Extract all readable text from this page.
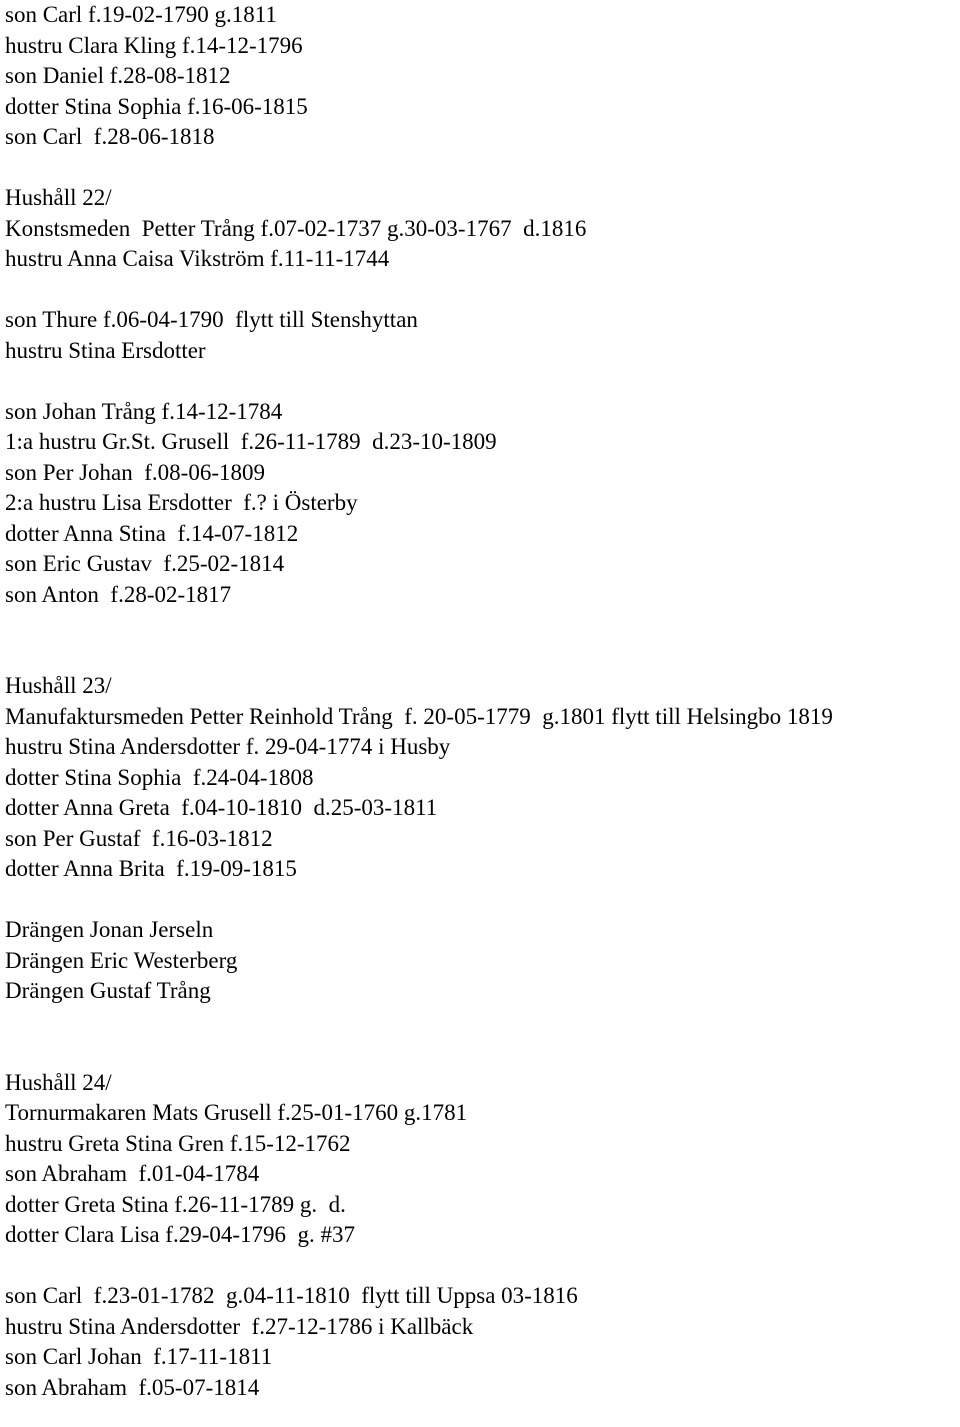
son Carl f.19-02-1790 g.1811
hustru Clara Kling f.14-12-1796
son Daniel f.28-08-1812
dotter Stina Sophia f.16-06-1815
son Carl  f.28-06-1818
Hushåll 22/
Konstsmeden  Petter Trång f.07-02-1737 g.30-03-1767  d.1816
hustru Anna Caisa Vikström f.11-11-1744
son Thure f.06-04-1790  flytt till Stenshyttan
hustru Stina Ersdotter
son Johan Trång f.14-12-1784
1:a hustru Gr.St. Grusell  f.26-11-1789  d.23-10-1809
son Per Johan  f.08-06-1809
2:a hustru Lisa Ersdotter  f.? i Österby
dotter Anna Stina  f.14-07-1812
son Eric Gustav  f.25-02-1814
son Anton  f.28-02-1817
Hushåll 23/
Manufaktursmeden Petter Reinhold Trång  f. 20-05-1779  g.1801 flytt till Helsingbo 1819
hustru Stina Andersdotter f. 29-04-1774 i Husby
dotter Stina Sophia  f.24-04-1808
dotter Anna Greta  f.04-10-1810  d.25-03-1811
son Per Gustaf  f.16-03-1812
dotter Anna Brita  f.19-09-1815
Drängen Jonan Jerseln
Drängen Eric Westerberg
Drängen Gustaf Trång
Hushåll 24/
Tornurmakaren Mats Grusell f.25-01-1760 g.1781
hustru Greta Stina Gren f.15-12-1762
son Abraham  f.01-04-1784
dotter Greta Stina f.26-11-1789 g.  d.
dotter Clara Lisa f.29-04-1796  g. #37
son Carl  f.23-01-1782  g.04-11-1810  flytt till Uppsa 03-1816
hustru Stina Andersdotter  f.27-12-1786 i Kallbäck
son Carl Johan  f.17-11-1811
son Abraham  f.05-07-1814
